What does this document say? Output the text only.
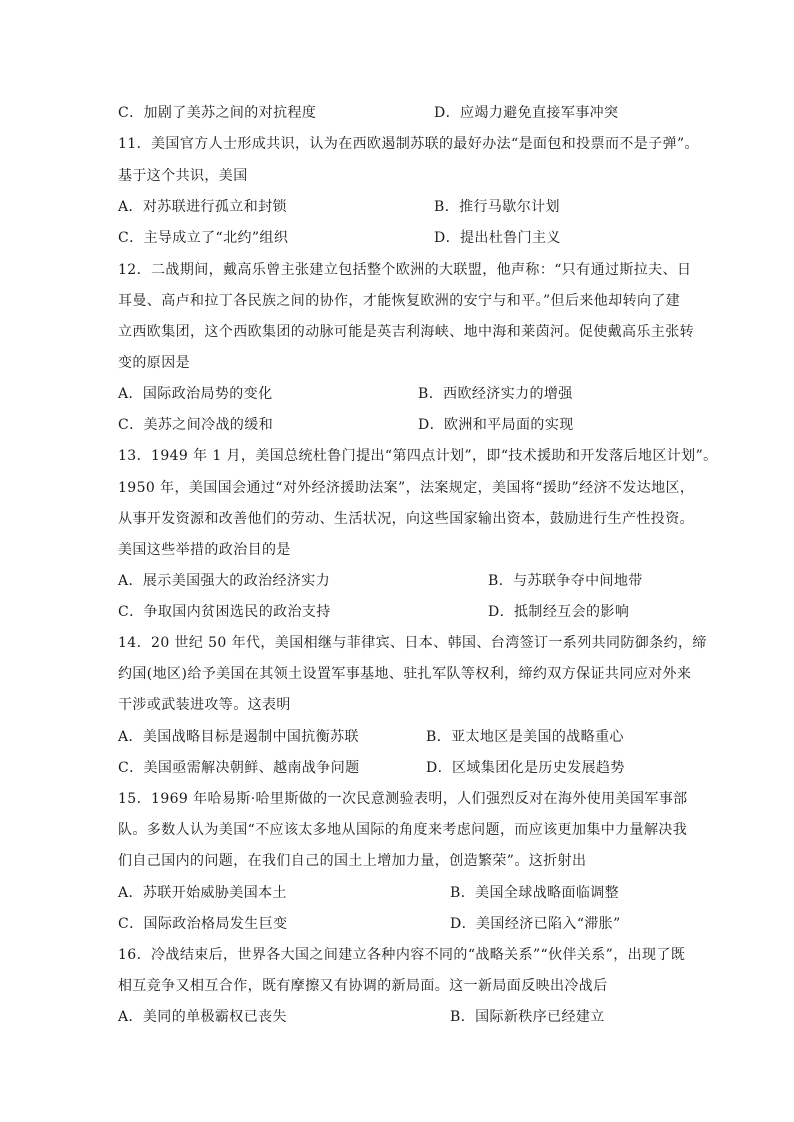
C．加剧了美苏之间的对抗程度	D．应竭力避免直接军事冲突
11．美国官方人士形成共识，认为在西欧遏制苏联的最好办法“是面包和投票而不是子弹”。
基于这个共识，美国
A．对苏联进行孤立和封锁	B．推行马歇尔计划
C．主导成立了“北约”组织	D．提出杜鲁门主义
12．二战期间，戴高乐曾主张建立包括整个欧洲的大联盟，他声称：“只有通过斯拉夫、日
耳曼、高卢和拉丁各民族之间的协作，才能恢复欧洲的安宁与和平。”但后来他却转向了建
立西欧集团，这个西欧集团的动脉可能是英吉利海峡、地中海和莱茵河。促使戴高乐主张转
变的原因是
A．国际政治局势的变化	B．西欧经济实力的增强
C．美苏之间冷战的缓和	D．欧洲和平局面的实现
13．1949 年 1 月，美国总统杜鲁门提出“第四点计划”，即“技术援助和开发落后地区计划”。
1950 年，美国国会通过“对外经济援助法案”，法案规定，美国将“援助”经济不发达地区，
从事开发资源和改善他们的劳动、生活状况，向这些国家输出资本，鼓励进行生产性投资。
美国这些举措的政治目的是
A．展示美国强大的政治经济实力	B．与苏联争夺中间地带
C．争取国内贫困选民的政治支持	D．抵制经互会的影响
14．20 世纪 50 年代，美国相继与菲律宾、日本、韩国、台湾签订一系列共同防御条约，缔
约国(地区)给予美国在其领土设置军事基地、驻扎军队等权利，缔约双方保证共同应对外来
干涉或武装进攻等。这表明
A．美国战略目标是遏制中国抗衡苏联	B．亚太地区是美国的战略重心
C．美国亟需解决朝鲜、越南战争问题	D．区域集团化是历史发展趋势
15．1969 年哈易斯·哈里斯做的一次民意测验表明，人们强烈反对在海外使用美国军事部
队。多数人认为美国“不应该太多地从国际的角度来考虑问题，而应该更加集中力量解决我
们自己国内的问题，在我们自己的国土上增加力量，创造繁荣”。这折射出
A．苏联开始威胁美国本土	B．美国全球战略面临调整
C．国际政治格局发生巨变	D．美国经济已陷入“滞胀”
16．冷战结束后，世界各大国之间建立各种内容不同的“战略关系”“伙伴关系”，出现了既
相互竞争又相互合作，既有摩擦又有协调的新局面。这一新局面反映出冷战后
A．美同的单极霸权已丧失	B．国际新秩序已经建立
